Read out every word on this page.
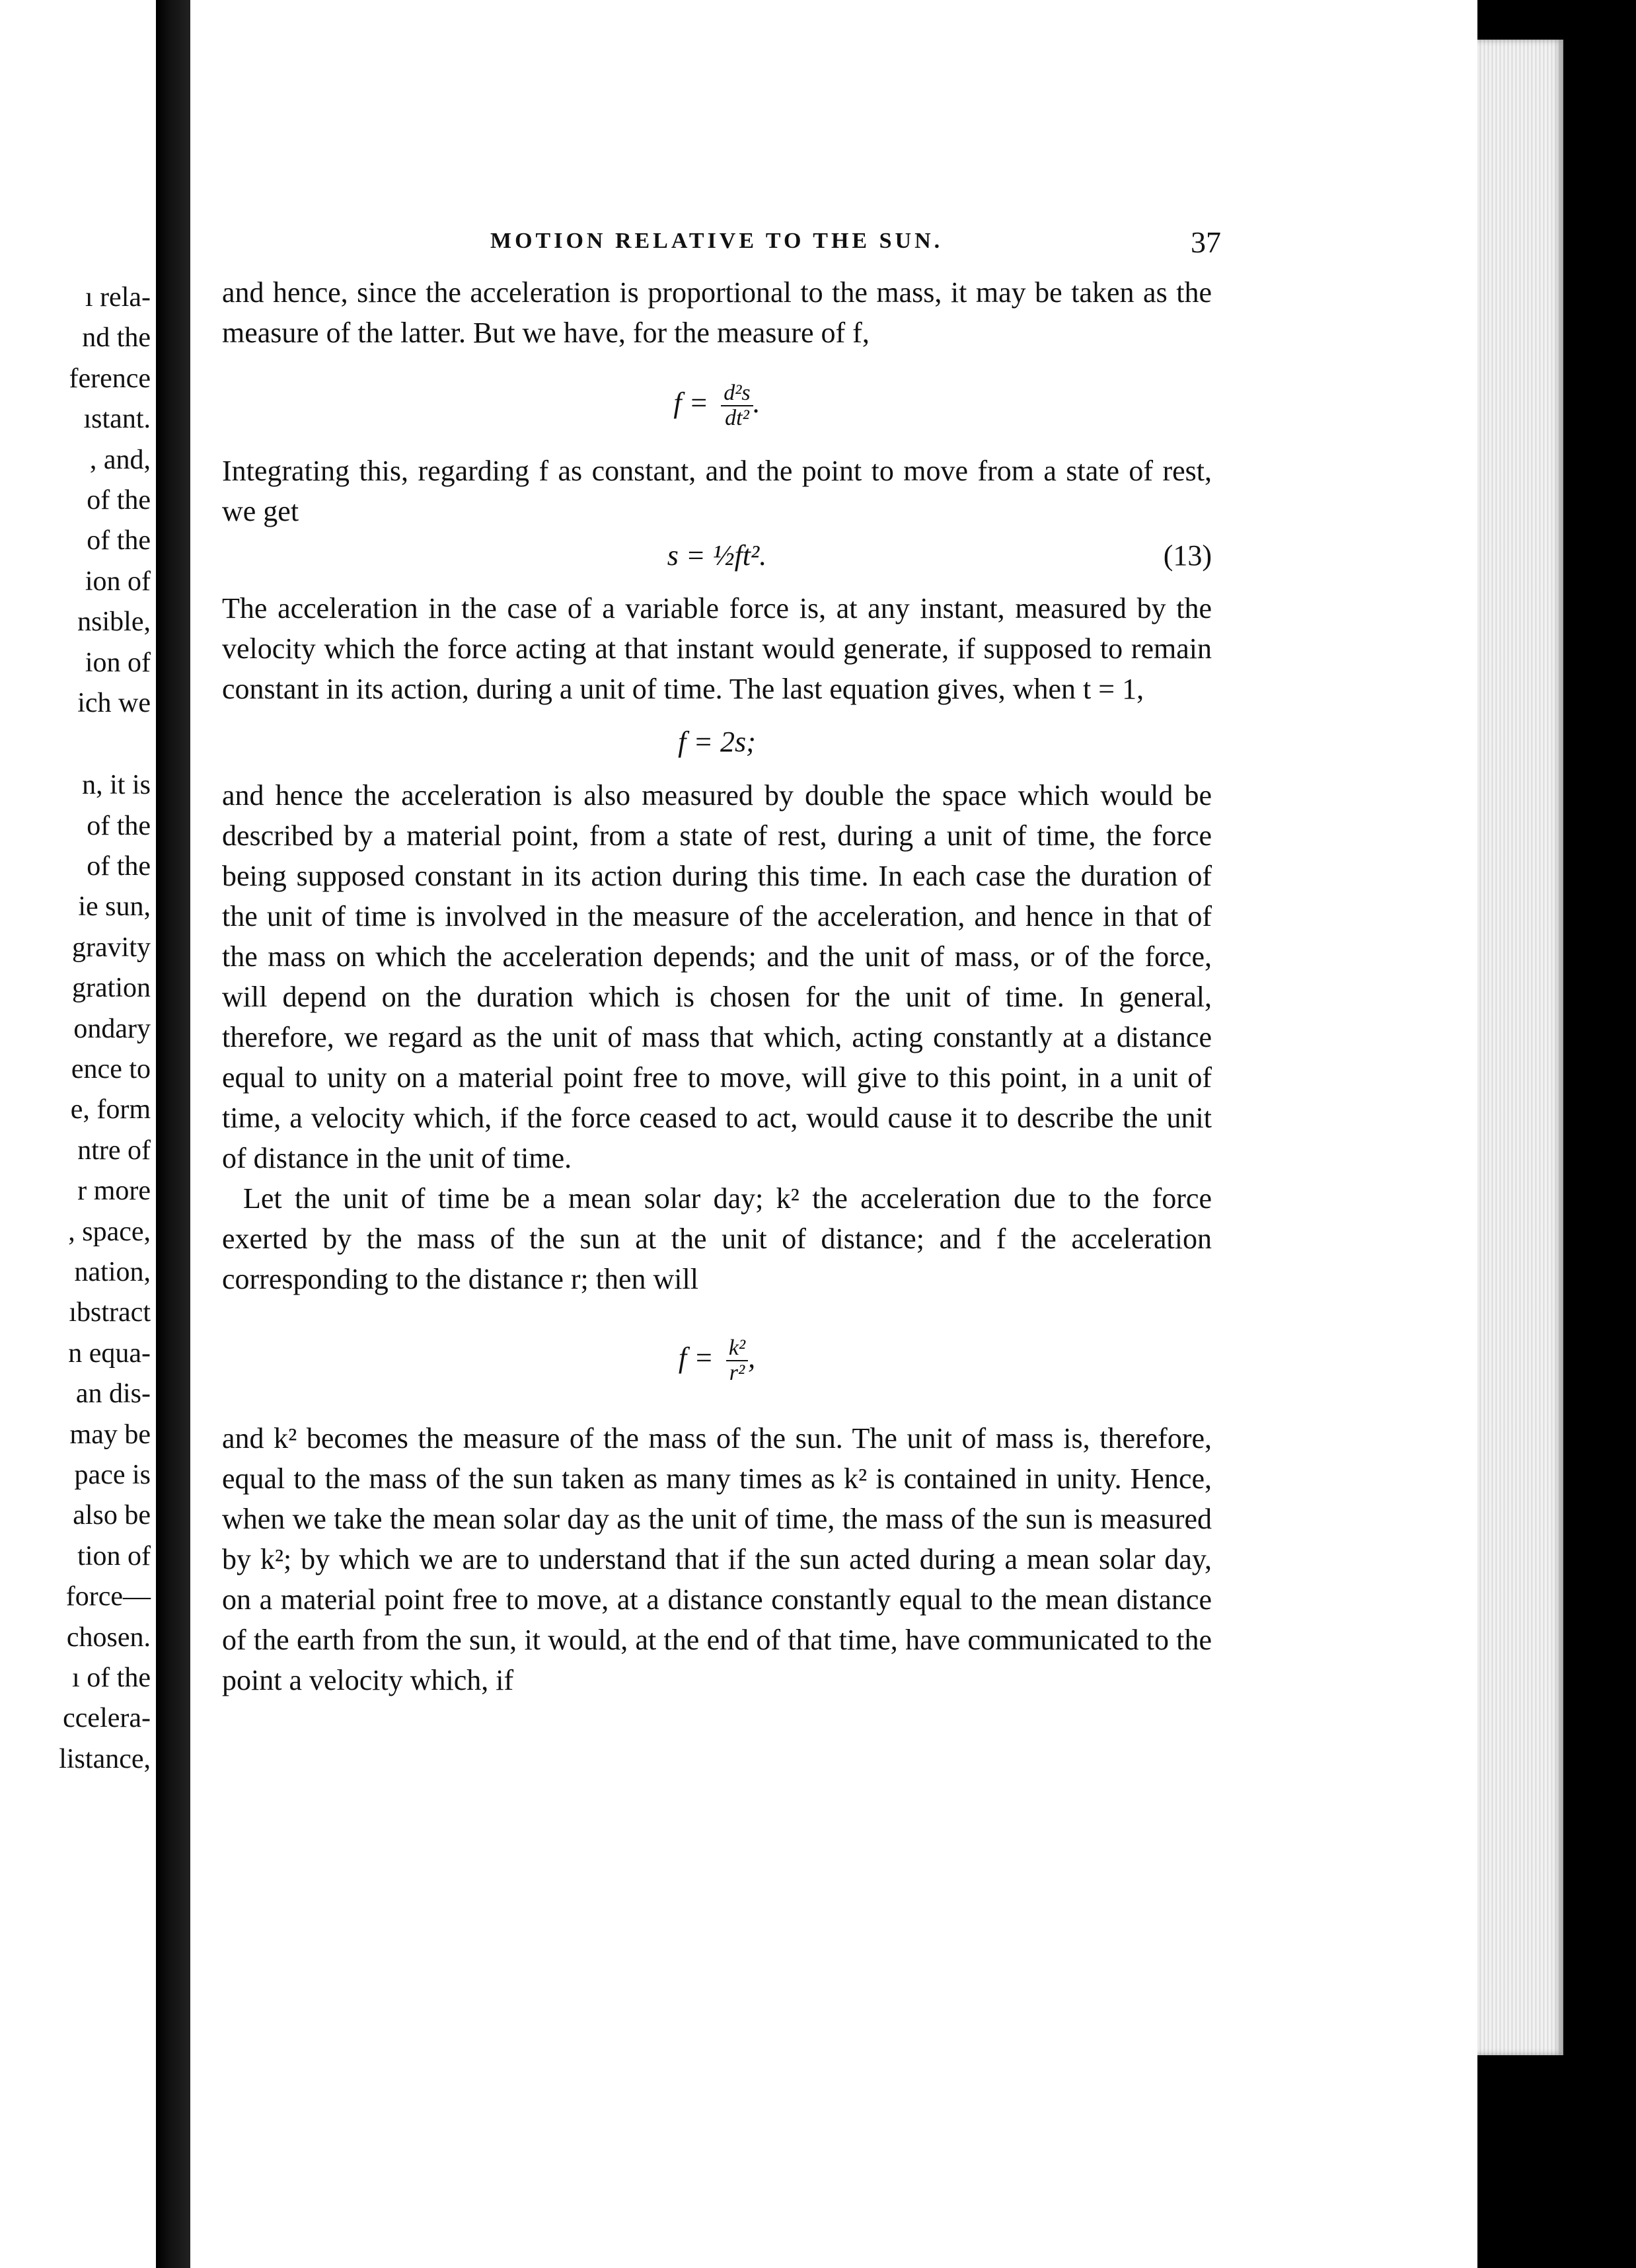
ı rela-
nd the
ference
ıstant.
, and,
of the
of the
ion of
nsible,
ion of
ich we
n, it is
of the
of the
ie sun,
gravity
gration
ondary
ence to
e, form
ntre of
r more
, space,
nation,
ıbstract
n equa-
an dis-
may be
pace is
also be
tion of
force—
chosen.
ı of the
ccelera-
listance,
MOTION RELATIVE TO THE SUN.	37

and hence, since the acceleration is proportional to the mass, it may be taken as the measure of the latter. But we have, for the measure of f,

$f = \frac{\text{d²s}}{\text{dt²}}$ .

Integrating this, regarding f as constant, and the point to move from a state of rest, we get

s = ½ft².	(13)

The acceleration in the case of a variable force is, at any instant, measured by the velocity which the force acting at that instant would generate, if supposed to remain constant in its action, during a unit of time. The last equation gives, when t = 1,

f = 2s;

and hence the acceleration is also measured by double the space which would be described by a material point, from a state of rest, during a unit of time, the force being supposed constant in its action during this time. In each case the duration of the unit of time is involved in the measure of the acceleration, and hence in that of the mass on which the acceleration depends; and the unit of mass, or of the force, will depend on the duration which is chosen for the unit of time. In general, therefore, we regard as the unit of mass that which, acting constantly at a distance equal to unity on a material point free to move, will give to this point, in a unit of time, a velocity which, if the force ceased to act, would cause it to describe the unit of distance in the unit of time.

Let the unit of time be a mean solar day; k² the acceleration due to the force exerted by the mass of the sun at the unit of distance; and f the acceleration corresponding to the distance r; then will

$f = \frac{\text{k²}}{\text{r²}}$ ,

and k² becomes the measure of the mass of the sun. The unit of mass is, therefore, equal to the mass of the sun taken as many times as k² is contained in unity. Hence, when we take the mean solar day as the unit of time, the mass of the sun is measured by k²; by which we are to understand that if the sun acted during a mean solar day, on a material point free to move, at a distance constantly equal to the mean distance of the earth from the sun, it would, at the end of that time, have communicated to the point a velocity which, if
